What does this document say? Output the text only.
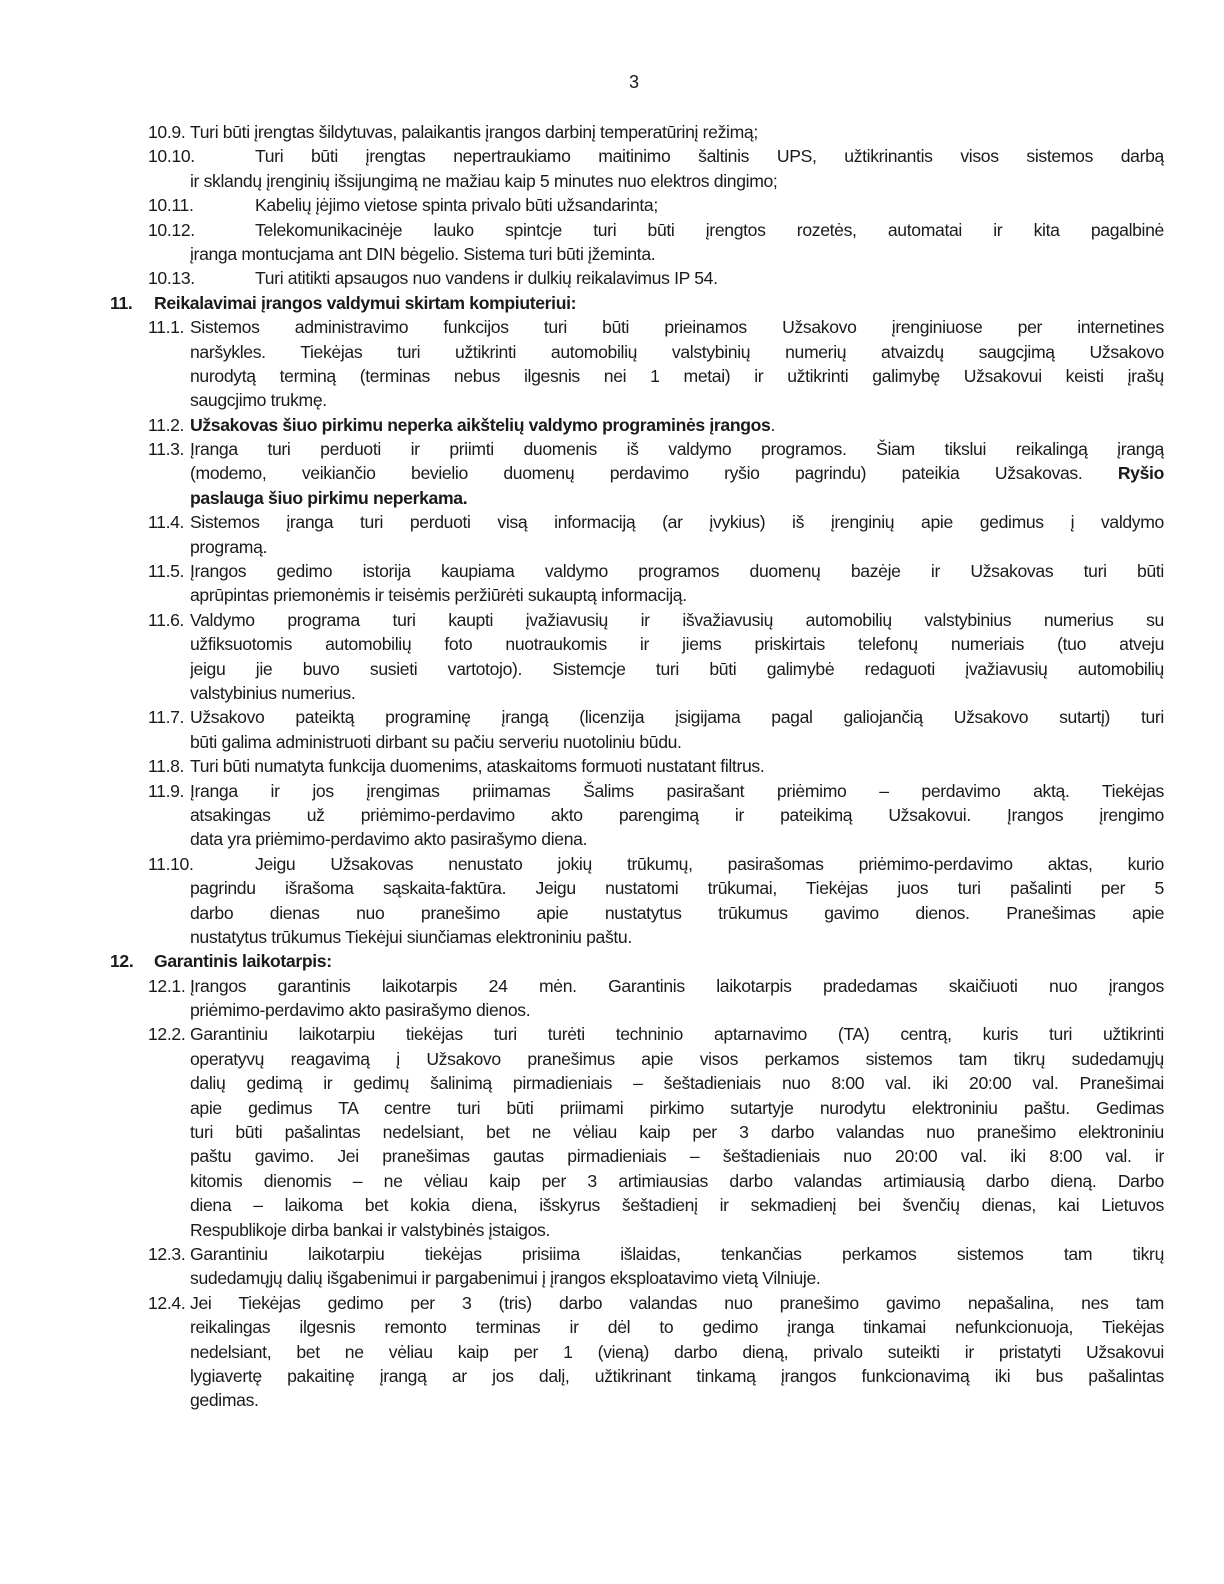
3
10.9. Turi būti įrengtas šildytuvas, palaikantis įrangos darbinį temperatūrinį režimą;
10.10.	Turi būti įrengtas nepertraukiamo maitinimo šaltinis UPS, užtikrinantis visos sistemos darbą
ir sklandų įrenginių išsijungimą ne mažiau kaip 5 minutes nuo elektros dingimo;
10.11.	Kabelių įėjimo vietose spinta privalo būti užsandarinta;
10.12.	Telekomunikacinėje lauko spintcje turi būti įrengtos rozetės, automatai ir kita pagalbinė
įranga montucjama ant DIN bėgelio. Sistema turi būti įžeminta.
10.13.	Turi atitikti apsaugos nuo vandens ir dulkių reikalavimus IP 54.
11. Reikalavimai įrangos valdymui skirtam kompiuteriui:
11.1. Sistemos administravimo funkcijos turi būti prieinamos Užsakovo įrenginiuose per internetines
naršykles. Tiekėjas turi užtikrinti automobilių valstybinių numerių atvaizdų saugcjimą Užsakovo
nurodytą terminą (terminas nebus ilgesnis nei 1 metai) ir užtikrinti galimybę Užsakovui keisti įrašų
saugcjimo trukmę.
11.2. Užsakovas šiuo pirkimu neperka aikštelių valdymo programinės įrangos.
11.3. Įranga turi perduoti ir priimti duomenis iš valdymo programos. Šiam tikslui reikalingą įrangą
(modemo, veikiančio bevielio duomenų perdavimo ryšio pagrindu) pateikia Užsakovas. Ryšio
paslauga šiuo pirkimu neperkama.
11.4. Sistemos įranga turi perduoti visą informaciją (ar įvykius) iš įrenginių apie gedimus į valdymo
programą.
11.5. Įrangos gedimo istorija kaupiama valdymo programos duomenų bazėje ir Užsakovas turi būti
aprūpintas priemonėmis ir teisėmis peržiūrėti sukauptą informaciją.
11.6. Valdymo programa turi kaupti įvažiavusių ir išvažiavusių automobilių valstybinius numerius su
užfiksuotomis automobilių foto nuotraukomis ir jiems priskirtais telefonų numeriais (tuo atveju
jeigu jie buvo susieti vartotojo). Sistemcje turi būti galimybė redaguoti įvažiavusių automobilių
valstybinius numerius.
11.7. Užsakovo pateiktą programinę įrangą (licenzija įsigijama pagal galiojančią Užsakovo sutartį) turi
būti galima administruoti dirbant su pačiu serveriu nuotoliniu būdu.
11.8. Turi būti numatyta funkcija duomenims, ataskaitoms formuoti nustatant filtrus.
11.9. Įranga ir jos įrengimas priimamas Šalims pasirašant priėmimo – perdavimo aktą. Tiekėjas
atsakingas už priėmimo-perdavimo akto parengimą ir pateikimą Užsakovui. Įrangos įrengimo
data yra priėmimo-perdavimo akto pasirašymo diena.
11.10.	Jeigu Užsakovas nenustato jokių trūkumų, pasirašomas priėmimo-perdavimo aktas, kurio
pagrindu išrašoma sąskaita-faktūra. Jeigu nustatomi trūkumai, Tiekėjas juos turi pašalinti per 5
darbo dienas nuo pranešimo apie nustatytus trūkumus gavimo dienos. Pranešimas apie
nustatytus trūkumus Tiekėjui siunčiamas elektroniniu paštu.
12. Garantinis laikotarpis:
12.1. Įrangos garantinis laikotarpis 24 mėn. Garantinis laikotarpis pradedamas skaičiuoti nuo įrangos
priėmimo-perdavimo akto pasirašymo dienos.
12.2. Garantiniu laikotarpiu tiekėjas turi turėti techninio aptarnavimo (TA) centrą, kuris turi užtikrinti
operatyvų reagavimą į Užsakovo pranešimus apie visos perkamos sistemos tam tikrų sudedamųjų
dalių gedimą ir gedimų šalinimą pirmadieniais – šeštadieniais nuo 8:00 val. iki 20:00 val. Pranešimai
apie gedimus TA centre turi būti priimami pirkimo sutartyje nurodytu elektroniniu paštu. Gedimas
turi būti pašalintas nedelsiant, bet ne vėliau kaip per 3 darbo valandas nuo pranešimo elektroniniu
paštu gavimo. Jei pranešimas gautas pirmadieniais – šeštadieniais nuo 20:00 val. iki 8:00 val. ir
kitomis dienomis – ne vėliau kaip per 3 artimiausias darbo valandas artimiausią darbo dieną. Darbo
diena – laikoma bet kokia diena, išskyrus šeštadienį ir sekmadienį bei švenčių dienas, kai Lietuvos
Respublikoje dirba bankai ir valstybinės įstaigos.
12.3. Garantiniu laikotarpiu tiekėjas prisiima išlaidas, tenkančias perkamos sistemos tam tikrų
sudedamųjų dalių išgabenimui ir pargabenimui į įrangos eksploatavimo vietą Vilniuje.
12.4. Jei Tiekėjas gedimo per 3 (tris) darbo valandas nuo pranešimo gavimo nepašalina, nes tam
reikalingas ilgesnis remonto terminas ir dėl to gedimo įranga tinkamai nefunkcionuoja, Tiekėjas
nedelsiant, bet ne vėliau kaip per 1 (vieną) darbo dieną, privalo suteikti ir pristatyti Užsakovui
lygiavertę pakaitinę įrangą ar jos dalį, užtikrinant tinkamą įrangos funkcionavimą iki bus pašalintas
gedimas.
